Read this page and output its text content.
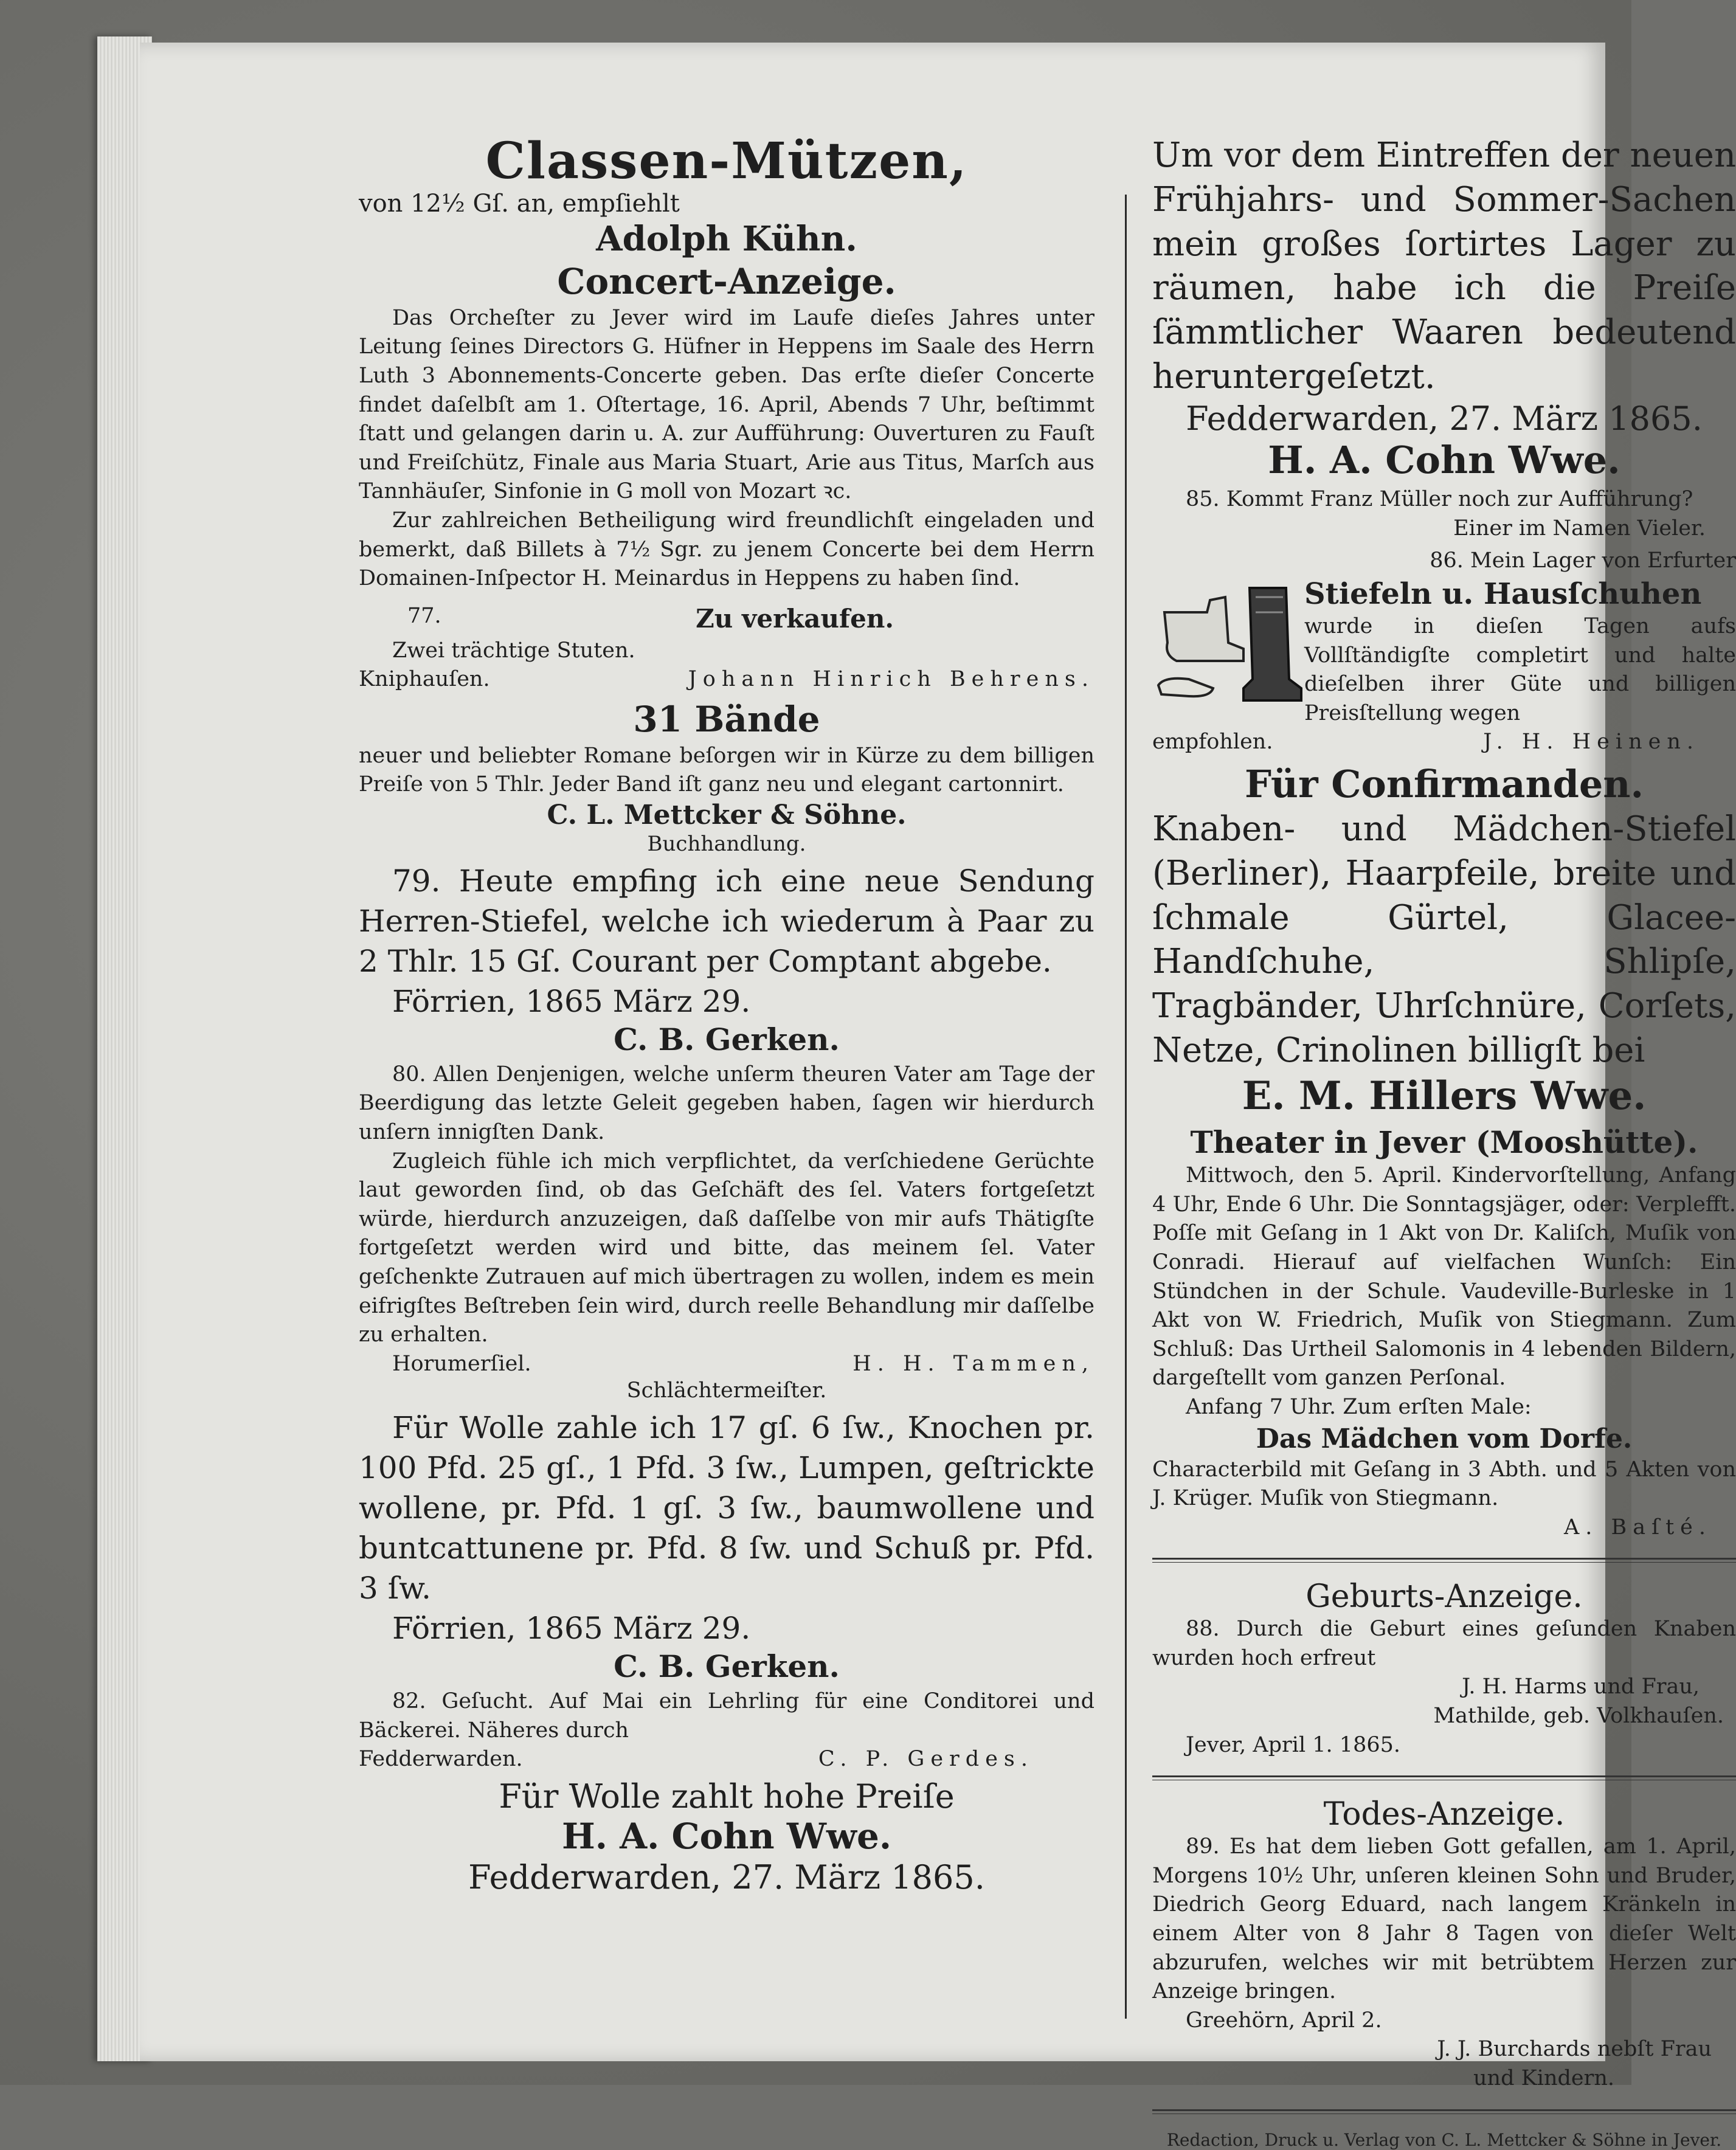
Classen-Mützen,
von 12½ Gſ. an, empſiehlt
Adolph Kühn.
Concert-Anzeige.
Das Orcheſter zu Jever wird im Laufe dieſes Jahres unter Leitung ſeines Directors G. Hüfner in Heppens im Saale des Herrn Luth 3 Abonnements-Concerte geben. Das erſte dieſer Concerte findet daſelbſt am 1. Oſtertage, 16. April, Abends 7 Uhr, beſtimmt ſtatt und gelangen darin u. A. zur Aufführung: Ouverturen zu Fauſt und Freiſchütz, Finale aus Maria Stuart, Arie aus Titus, Marſch aus Tannhäuſer, Sinfonie in G moll von Mozart ꝛc.
Zur zahlreichen Betheiligung wird freundlichſt eingeladen und bemerkt, daß Billets à 7½ Sgr. zu jenem Concerte bei dem Herrn Domainen-Inſpector H. Meinardus in Heppens zu haben ſind.
77.	Zu verkaufen.
Zwei trächtige Stuten.
Kniphauſen.	Johann Hinrich Behrens.
31 Bände
neuer und beliebter Romane beſorgen wir in Kürze zu dem billigen Preiſe von 5 Thlr. Jeder Band iſt ganz neu und elegant cartonnirt.
C. L. Mettcker & Söhne.
Buchhandlung.
79. Heute empfing ich eine neue Sendung Herren-Stiefel, welche ich wiederum à Paar zu 2 Thlr. 15 Gſ. Courant per Comptant abgebe.
Förrien, 1865 März 29.
C. B. Gerken.
80. Allen Denjenigen, welche unſerm theuren Vater am Tage der Beerdigung das letzte Geleit gegeben haben, ſagen wir hierdurch unſern innigſten Dank.
Zugleich fühle ich mich verpflichtet, da verſchiedene Gerüchte laut geworden ſind, ob das Geſchäft des ſel. Vaters fortgeſetzt würde, hierdurch anzuzeigen, daß daſſelbe von mir aufs Thätigſte fortgeſetzt werden wird und bitte, das meinem ſel. Vater geſchenkte Zutrauen auf mich übertragen zu wollen, indem es mein eifrigſtes Beſtreben ſein wird, durch reelle Behandlung mir daſſelbe zu erhalten.
Horumerſiel.	H. H. Tammen,
Schlächtermeiſter.
Für Wolle zahle ich 17 gſ. 6 ſw., Knochen pr. 100 Pfd. 25 gſ., 1 Pfd. 3 ſw., Lumpen, geſtrickte wollene, pr. Pfd. 1 gſ. 3 ſw., baumwollene und buntcattunene pr. Pfd. 8 ſw. und Schuß pr. Pfd. 3 ſw.
Förrien, 1865 März 29.
C. B. Gerken.
82. Geſucht. Auf Mai ein Lehrling für eine Conditorei und Bäckerei. Näheres durch
Fedderwarden.	C. P. Gerdes.
Für Wolle zahlt hohe Preiſe
H. A. Cohn Wwe.
Fedderwarden, 27. März 1865.
Um vor dem Eintreffen der neuen Frühjahrs- und Sommer-Sachen mein großes ſortirtes Lager zu räumen, habe ich die Preiſe ſämmtlicher Waaren bedeutend heruntergeſetzt.
Fedderwarden, 27. März 1865.
H. A. Cohn Wwe.
85. Kommt Franz Müller noch zur Aufführung?
Einer im Namen Vieler.
86. Mein Lager von Erfurter
Stiefeln u. Hausſchuhen
wurde in dieſen Tagen aufs Vollſtändigſte completirt und halte dieſelben ihrer Güte und billigen Preisſtellung wegen
empfohlen.	J. H. Heinen.
Für Confirmanden.
Knaben- und Mädchen-Stiefel (Berliner), Haarpfeile, breite und ſchmale Gürtel, Glacee-Handſchuhe, Shlipſe, Tragbänder, Uhrſchnüre, Corſets, Netze, Crinolinen billigſt bei
E. M. Hillers Wwe.
Theater in Jever (Mooshütte).
Mittwoch, den 5. April. Kindervorſtellung, Anfang 4 Uhr, Ende 6 Uhr. Die Sonntagsjäger, oder: Verplefft. Poſſe mit Geſang in 1 Akt von Dr. Kaliſch, Muſik von Conradi. Hierauf auf vielfachen Wunſch: Ein Stündchen in der Schule. Vaudeville-Burleske in 1 Akt von W. Friedrich, Muſik von Stiegmann. Zum Schluß: Das Urtheil Salomonis in 4 lebenden Bildern, dargeſtellt vom ganzen Perſonal.
Anfang 7 Uhr. Zum erſten Male:
Das Mädchen vom Dorfe.
Characterbild mit Geſang in 3 Abth. und 5 Akten von J. Krüger. Muſik von Stiegmann.
A. Baſté.
Geburts-Anzeige.
88. Durch die Geburt eines geſunden Knaben wurden hoch erfreut
J. H. Harms und Frau,
Mathilde, geb. Volkhauſen.
Jever, April 1. 1865.
Todes-Anzeige.
89. Es hat dem lieben Gott gefallen, am 1. April, Morgens 10½ Uhr, unſeren kleinen Sohn und Bruder, Diedrich Georg Eduard, nach langem Kränkeln in einem Alter von 8 Jahr 8 Tagen von dieſer Welt abzurufen, welches wir mit betrübtem Herzen zur Anzeige bringen.
Greehörn, April 2.
J. J. Burchards nebſt Frau
und Kindern.
Redaction, Druck u. Verlag von C. L. Mettcker & Söhne in Jever.
